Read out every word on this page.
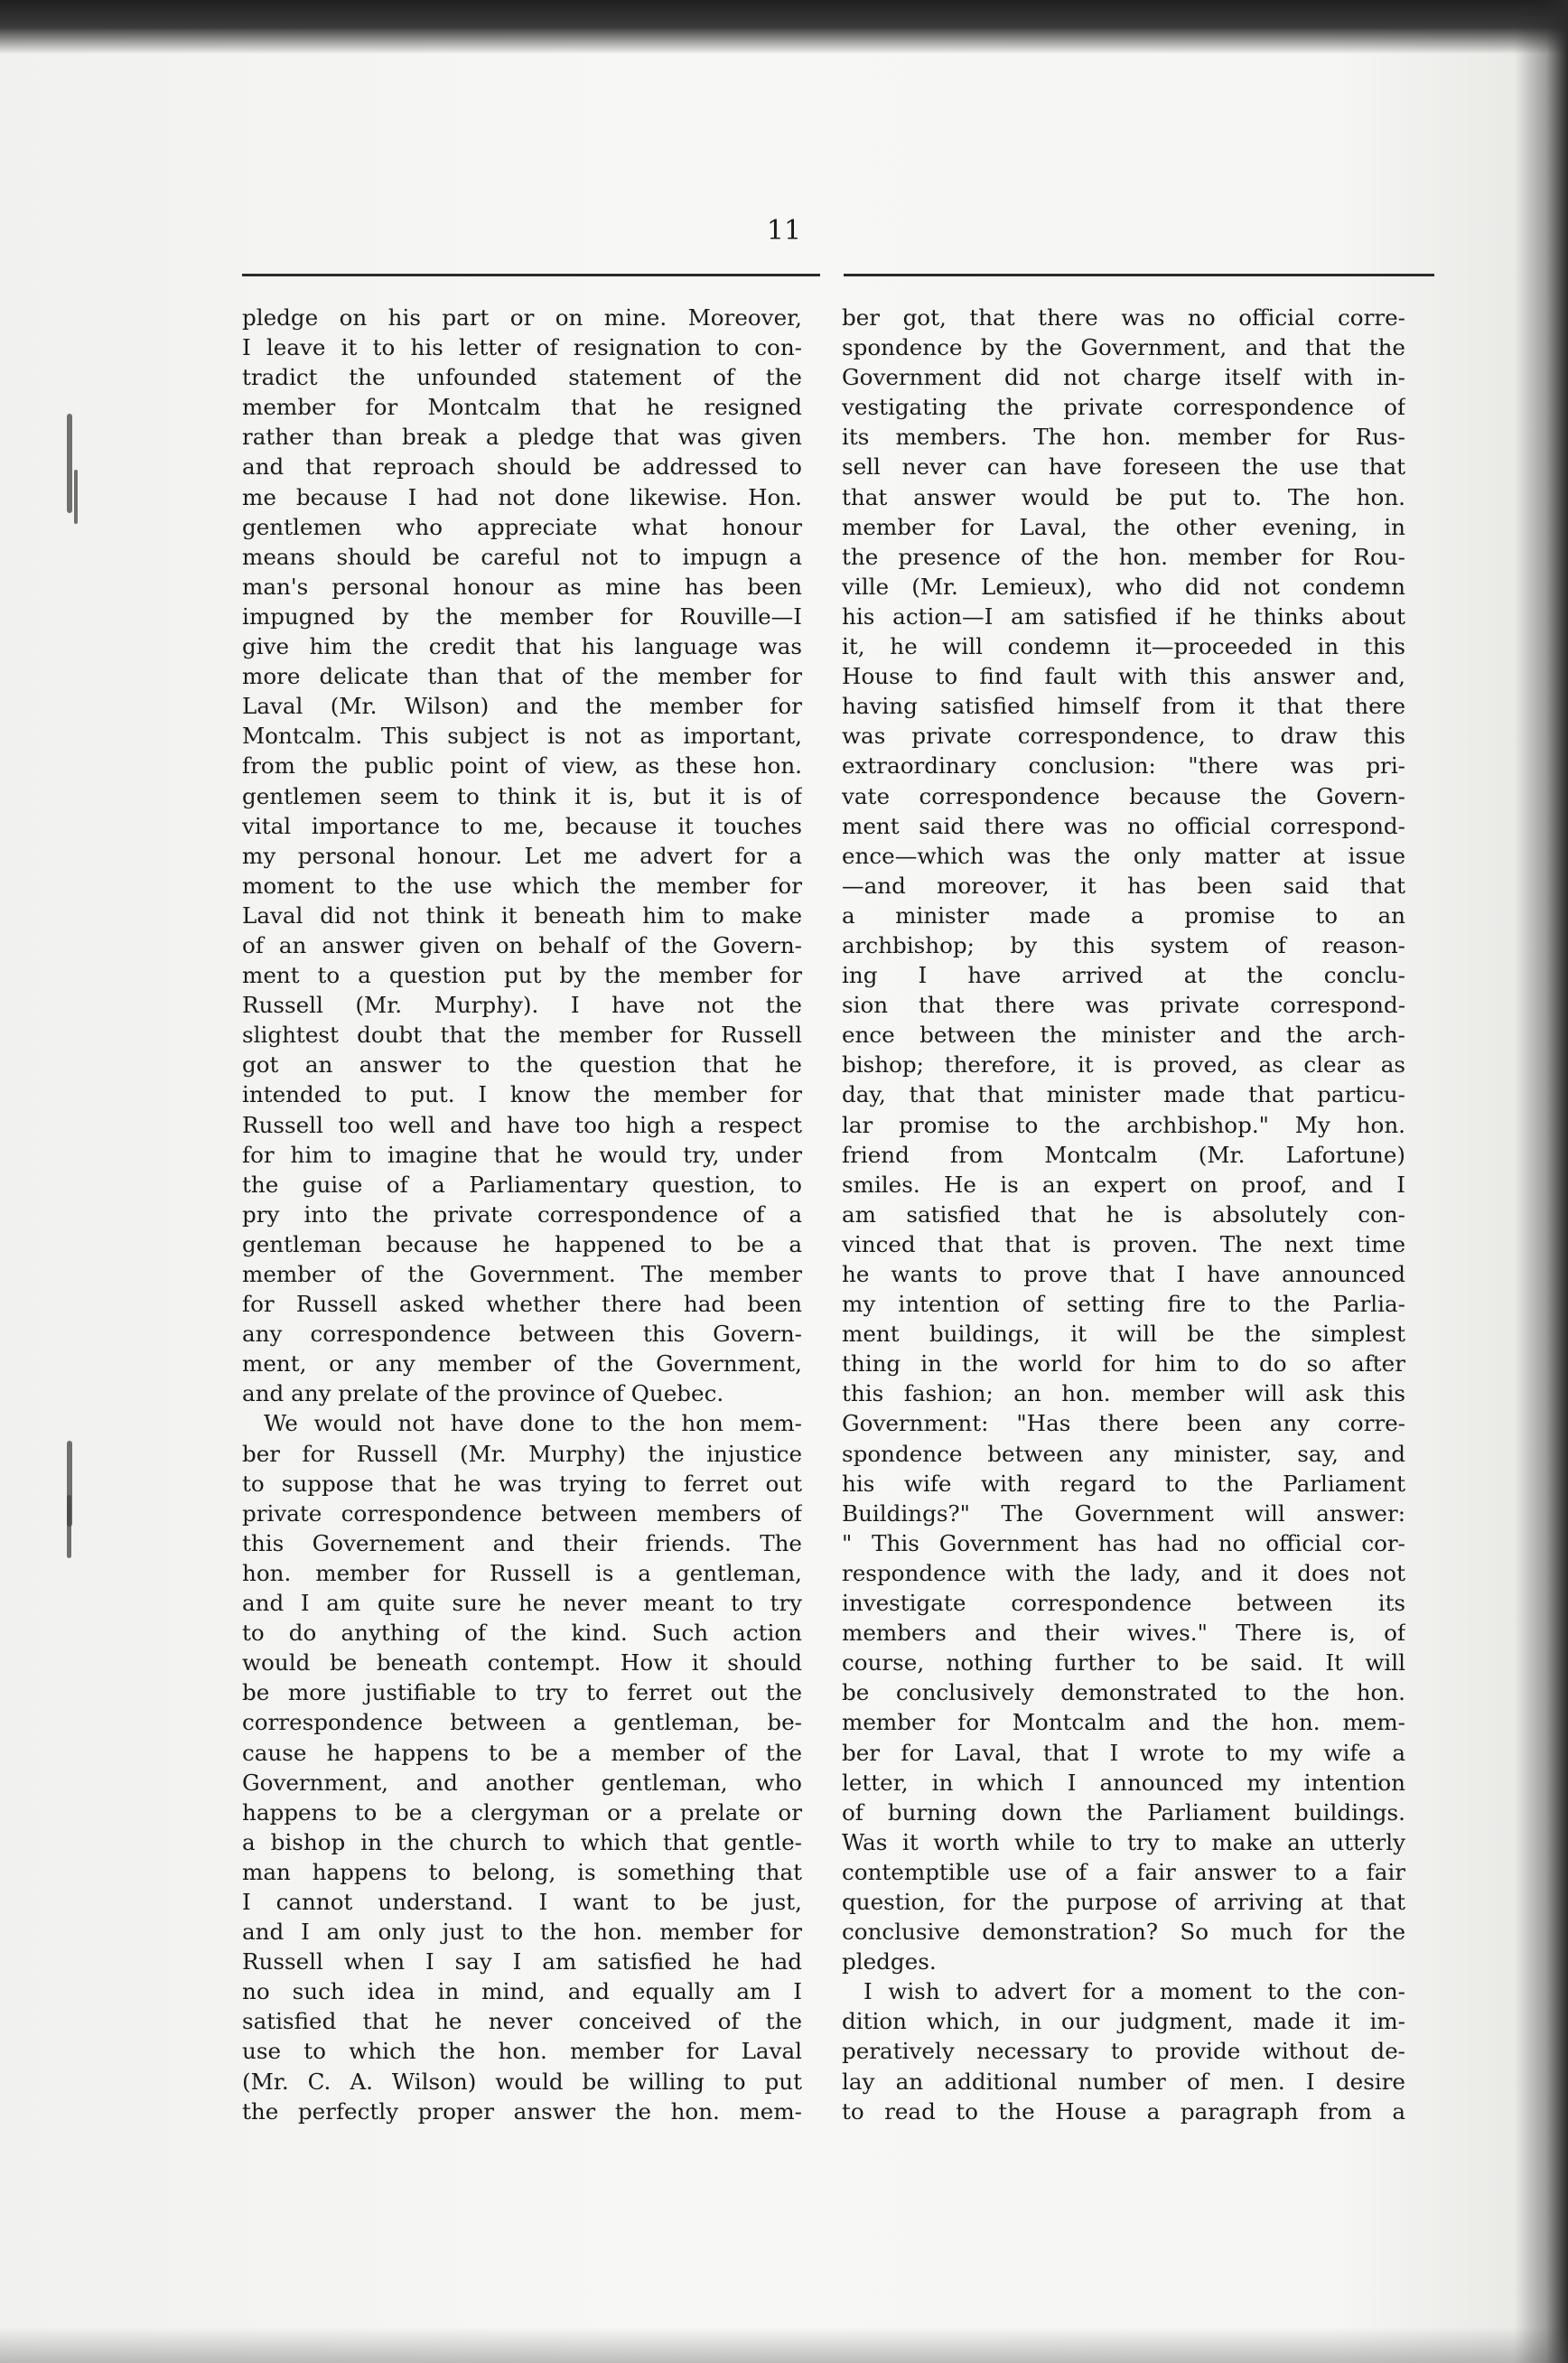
11
pledge on his part or on mine. Moreover,
I leave it to his letter of resignation to con-
tradict the unfounded statement of the
member for Montcalm that he resigned
rather than break a pledge that was given
and that reproach should be addressed to
me because I had not done likewise. Hon.
gentlemen who appreciate what honour
means should be careful not to impugn a
man's personal honour as mine has been
impugned by the member for Rouville—I
give him the credit that his language was
more delicate than that of the member for
Laval (Mr. Wilson) and the member for
Montcalm. This subject is not as important,
from the public point of view, as these hon.
gentlemen seem to think it is, but it is of
vital importance to me, because it touches
my personal honour. Let me advert for a
moment to the use which the member for
Laval did not think it beneath him to make
of an answer given on behalf of the Govern-
ment to a question put by the member for
Russell (Mr. Murphy). I have not the
slightest doubt that the member for Russell
got an answer to the question that he
intended to put. I know the member for
Russell too well and have too high a respect
for him to imagine that he would try, under
the guise of a Parliamentary question, to
pry into the private correspondence of a
gentleman because he happened to be a
member of the Government. The member
for Russell asked whether there had been
any correspondence between this Govern-
ment, or any member of the Government,
and any prelate of the province of Quebec.
We would not have done to the hon mem-
ber for Russell (Mr. Murphy) the injustice
to suppose that he was trying to ferret out
private correspondence between members of
this Governement and their friends. The
hon. member for Russell is a gentleman,
and I am quite sure he never meant to try
to do anything of the kind. Such action
would be beneath contempt. How it should
be more justifiable to try to ferret out the
correspondence between a gentleman, be-
cause he happens to be a member of the
Government, and another gentleman, who
happens to be a clergyman or a prelate or
a bishop in the church to which that gentle-
man happens to belong, is something that
I cannot understand. I want to be just,
and I am only just to the hon. member for
Russell when I say I am satisfied he had
no such idea in mind, and equally am I
satisfied that he never conceived of the
use to which the hon. member for Laval
(Mr. C. A. Wilson) would be willing to put
the perfectly proper answer the hon. mem-
ber got, that there was no official corre-
spondence by the Government, and that the
Government did not charge itself with in-
vestigating the private correspondence of
its members. The hon. member for Rus-
sell never can have foreseen the use that
that answer would be put to. The hon.
member for Laval, the other evening, in
the presence of the hon. member for Rou-
ville (Mr. Lemieux), who did not condemn
his action—I am satisfied if he thinks about
it, he will condemn it—proceeded in this
House to find fault with this answer and,
having satisfied himself from it that there
was private correspondence, to draw this
extraordinary conclusion: "there was pri-
vate correspondence because the Govern-
ment said there was no official correspond-
ence—which was the only matter at issue
—and moreover, it has been said that
a minister made a promise to an
archbishop; by this system of reason-
ing I have arrived at the conclu-
sion that there was private correspond-
ence between the minister and the arch-
bishop; therefore, it is proved, as clear as
day, that that minister made that particu-
lar promise to the archbishop." My hon.
friend from Montcalm (Mr. Lafortune)
smiles. He is an expert on proof, and I
am satisfied that he is absolutely con-
vinced that that is proven. The next time
he wants to prove that I have announced
my intention of setting fire to the Parlia-
ment buildings, it will be the simplest
thing in the world for him to do so after
this fashion; an hon. member will ask this
Government: "Has there been any corre-
spondence between any minister, say, and
his wife with regard to the Parliament
Buildings?" The Government will answer:
" This Government has had no official cor-
respondence with the lady, and it does not
investigate correspondence between its
members and their wives." There is, of
course, nothing further to be said. It will
be conclusively demonstrated to the hon.
member for Montcalm and the hon. mem-
ber for Laval, that I wrote to my wife a
letter, in which I announced my intention
of burning down the Parliament buildings.
Was it worth while to try to make an utterly
contemptible use of a fair answer to a fair
question, for the purpose of arriving at that
conclusive demonstration? So much for the
pledges.
I wish to advert for a moment to the con-
dition which, in our judgment, made it im-
peratively necessary to provide without de-
lay an additional number of men. I desire
to read to the House a paragraph from a
